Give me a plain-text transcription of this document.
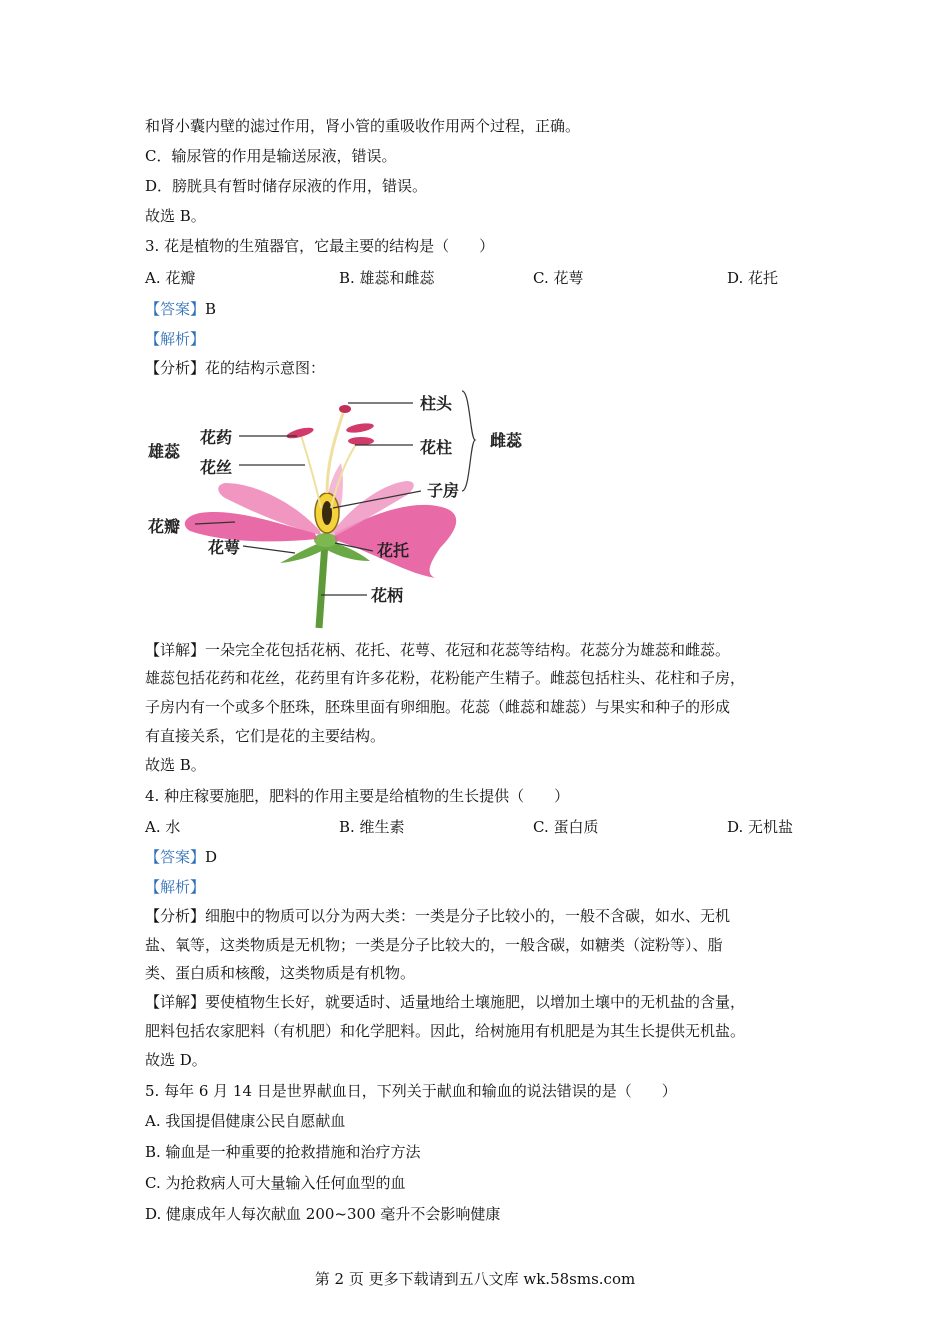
和肾小囊内壁的滤过作用，肾小管的重吸收作用两个过程，正确。
C．输尿管的作用是输送尿液，错误。
D．膀胱具有暂时储存尿液的作用，错误。
故选 B。
3. 花是植物的生殖器官，它最主要的结构是（　　）
A. 花瓣	B. 雄蕊和雌蕊	C. 花萼	D. 花托
【答案】B
【解析】
【分析】花的结构示意图：
雄蕊
花药
花丝
柱头
花柱
子房
雌蕊
花瓣
花萼	花托
花柄
【详解】一朵完全花包括花柄、花托、花萼、花冠和花蕊等结构。花蕊分为雄蕊和雌蕊。
雄蕊包括花药和花丝，花药里有许多花粉，花粉能产生精子。雌蕊包括柱头、花柱和子房，
子房内有一个或多个胚珠，胚珠里面有卵细胞。花蕊（雌蕊和雄蕊）与果实和种子的形成
有直接关系，它们是花的主要结构。
故选 B。
4. 种庄稼要施肥，肥料的作用主要是给植物的生长提供（　　）
A. 水	B. 维生素	C. 蛋白质	D. 无机盐
【答案】D
【解析】
【分析】细胞中的物质可以分为两大类：一类是分子比较小的，一般不含碳，如水、无机
盐、氧等，这类物质是无机物；一类是分子比较大的，一般含碳，如糖类（淀粉等）、脂
类、蛋白质和核酸，这类物质是有机物。
【详解】要使植物生长好，就要适时、适量地给土壤施肥，以增加土壤中的无机盐的含量，
肥料包括农家肥料（有机肥）和化学肥料。因此，给树施用有机肥是为其生长提供无机盐。
故选 D。
5. 每年 6 月 14 日是世界献血日，下列关于献血和输血的说法错误的是（　　）
A. 我国提倡健康公民自愿献血
B. 输血是一种重要的抢救措施和治疗方法
C. 为抢救病人可大量输入任何血型的血
D. 健康成年人每次献血 200~300 毫升不会影响健康
第 2 页 更多下载请到五八文库 wk.58sms.com
